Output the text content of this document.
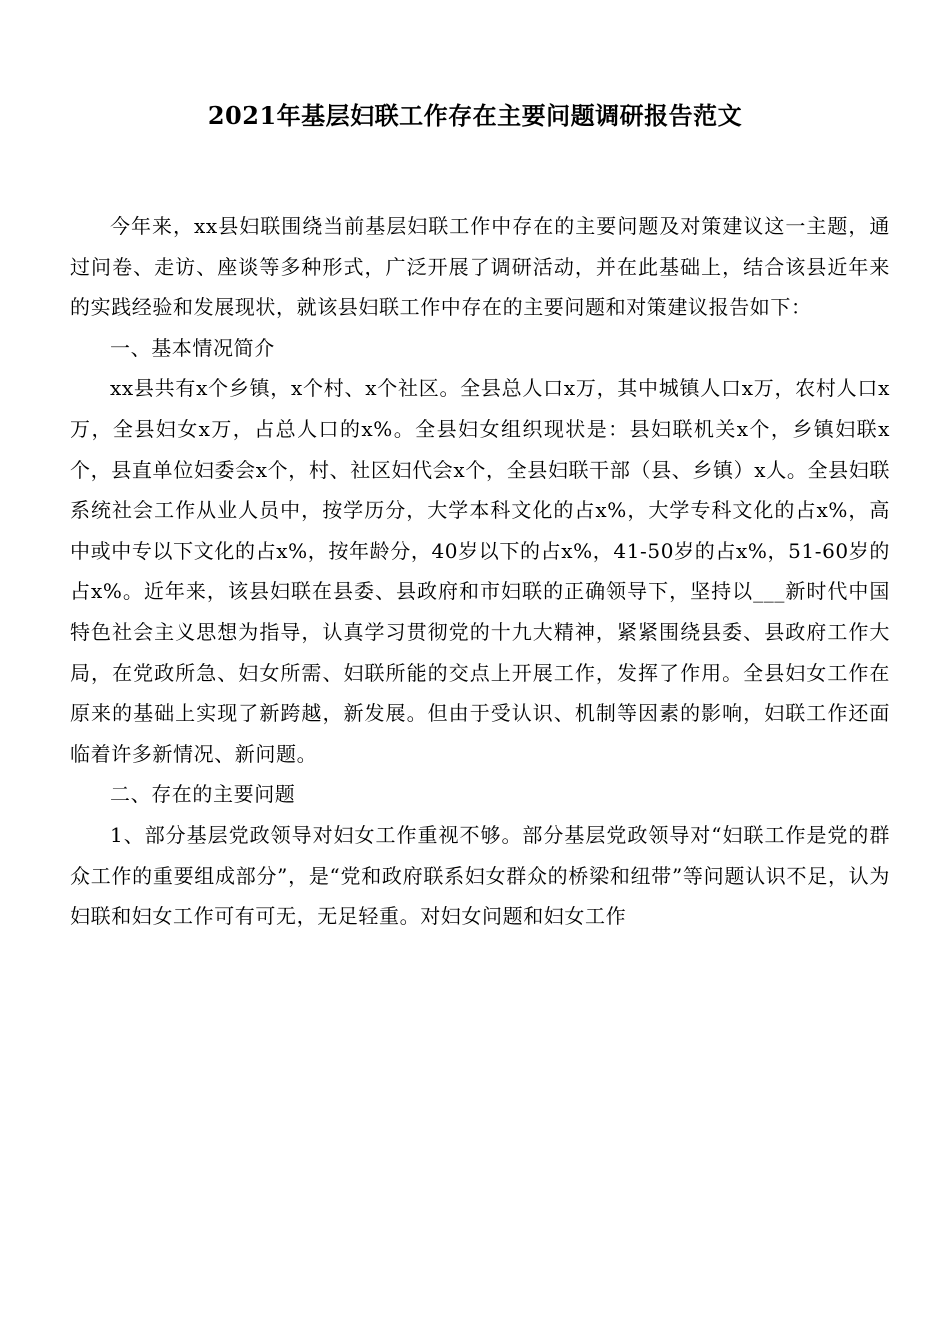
2021年基层妇联工作存在主要问题调研报告范文

今年来，xx县妇联围绕当前基层妇联工作中存在的主要问题及对策建议这一主题，通过问卷、走访、座谈等多种形式，广泛开展了调研活动，并在此基础上，结合该县近年来的实践经验和发展现状，就该县妇联工作中存在的主要问题和对策建议报告如下：

一、基本情况简介

xx县共有x个乡镇，x个村、x个社区。全县总人口x万，其中城镇人口x万，农村人口x万，全县妇女x万，占总人口的x%。全县妇女组织现状是：县妇联机关x个，乡镇妇联x个，县直单位妇委会x个，村、社区妇代会x个，全县妇联干部（县、乡镇）x人。全县妇联系统社会工作从业人员中，按学历分，大学本科文化的占x%，大学专科文化的占x%，高中或中专以下文化的占x%，按年龄分，40岁以下的占x%，41-50岁的占x%，51-60岁的占x%。近年来，该县妇联在县委、县政府和市妇联的正确领导下，坚持以___新时代中国特色社会主义思想为指导，认真学习贯彻党的十九大精神，紧紧围绕县委、县政府工作大局，在党政所急、妇女所需、妇联所能的交点上开展工作，发挥了作用。全县妇女工作在原来的基础上实现了新跨越，新发展。但由于受认识、机制等因素的影响，妇联工作还面临着许多新情况、新问题。

二、存在的主要问题

1、部分基层党政领导对妇女工作重视不够。部分基层党政领导对“妇联工作是党的群众工作的重要组成部分”，是“党和政府联系妇女群众的桥梁和纽带”等问题认识不足，认为妇联和妇女工作可有可无，无足轻重。对妇女问题和妇女工作
